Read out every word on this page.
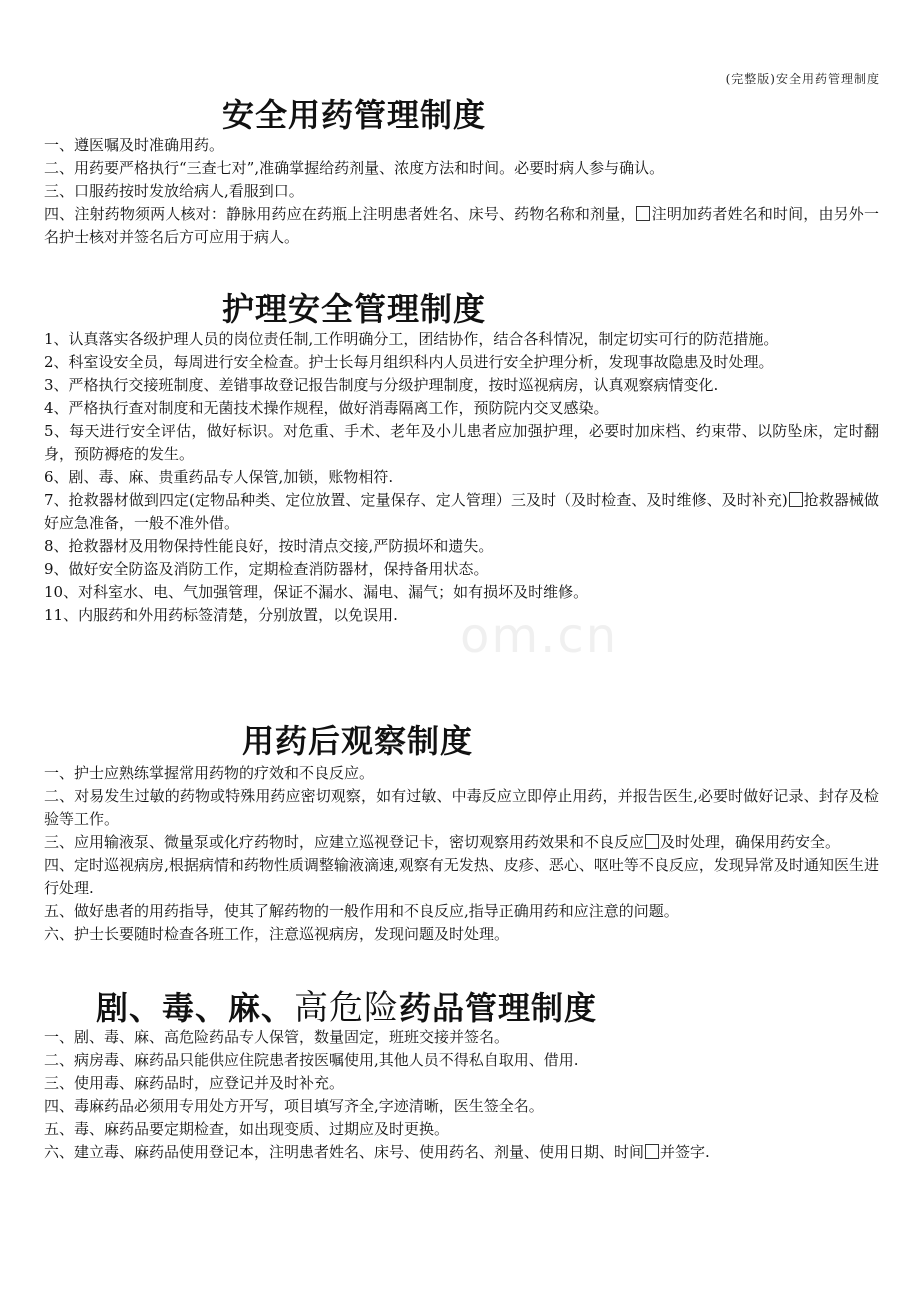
(完整版)安全用药管理制度
om.cn
安全用药管理制度

一、遵医嘱及时准确用药。

二、用药要严格执行“三查七对”,准确掌握给药剂量、浓度方法和时间。必要时病人参与确认。

三、口服药按时发放给病人,看服到口。

四、注射药物须两人核对：静脉用药应在药瓶上注明患者姓名、床号、药物名称和剂量， 注明加药者姓名和时间，由另外一名护士核对并签名后方可应用于病人。

护理安全管理制度

1、认真落实各级护理人员的岗位责任制,工作明确分工，团结协作，结合各科情况，制定切实可行的防范措施。

2、科室设安全员，每周进行安全检查。护士长每月组织科内人员进行安全护理分析，发现事故隐患及时处理。

3、严格执行交接班制度、差错事故登记报告制度与分级护理制度，按时巡视病房，认真观察病情变化.

4、严格执行查对制度和无菌技术操作规程，做好消毒隔离工作，预防院内交叉感染。

5、每天进行安全评估，做好标识。对危重、手术、老年及小儿患者应加强护理，必要时加床档、约束带、以防坠床，定时翻身，预防褥疮的发生。

6、剧、毒、麻、贵重药品专人保管,加锁，账物相符.

7、抢救器材做到四定(定物品种类、定位放置、定量保存、定人管理）三及时（及时检查、及时维修、及时补充) 抢救器械做好应急准备，一般不准外借。

8、抢救器材及用物保持性能良好，按时清点交接,严防损坏和遗失。

9、做好安全防盗及消防工作，定期检查消防器材，保持备用状态。

10、对科室水、电、气加强管理，保证不漏水、漏电、漏气；如有损坏及时维修。

11、内服药和外用药标签清楚，分别放置，以免误用.

用药后观察制度

一、护士应熟练掌握常用药物的疗效和不良反应。

二、对易发生过敏的药物或特殊用药应密切观察，如有过敏、中毒反应立即停止用药，并报告医生,必要时做好记录、封存及检验等工作。

三、应用输液泵、微量泵或化疗药物时，应建立巡视登记卡，密切观察用药效果和不良反应 及时处理，确保用药安全。

四、定时巡视病房,根据病情和药物性质调整输液滴速,观察有无发热、皮疹、恶心、呕吐等不良反应，发现异常及时通知医生进行处理.

五、做好患者的用药指导，使其了解药物的一般作用和不良反应,指导正确用药和应注意的问题。

六、护士长要随时检查各班工作，注意巡视病房，发现问题及时处理。

剧、毒、麻、高危险药品管理制度

一、剧、毒、麻、高危险药品专人保管，数量固定，班班交接并签名。

二、病房毒、麻药品只能供应住院患者按医嘱使用,其他人员不得私自取用、借用.

三、使用毒、麻药品时，应登记并及时补充。

四、毒麻药品必须用专用处方开写，项目填写齐全,字迹清晰，医生签全名。

五、毒、麻药品要定期检查，如出现变质、过期应及时更换。

六、建立毒、麻药品使用登记本，注明患者姓名、床号、使用药名、剂量、使用日期、时间 并签字.
